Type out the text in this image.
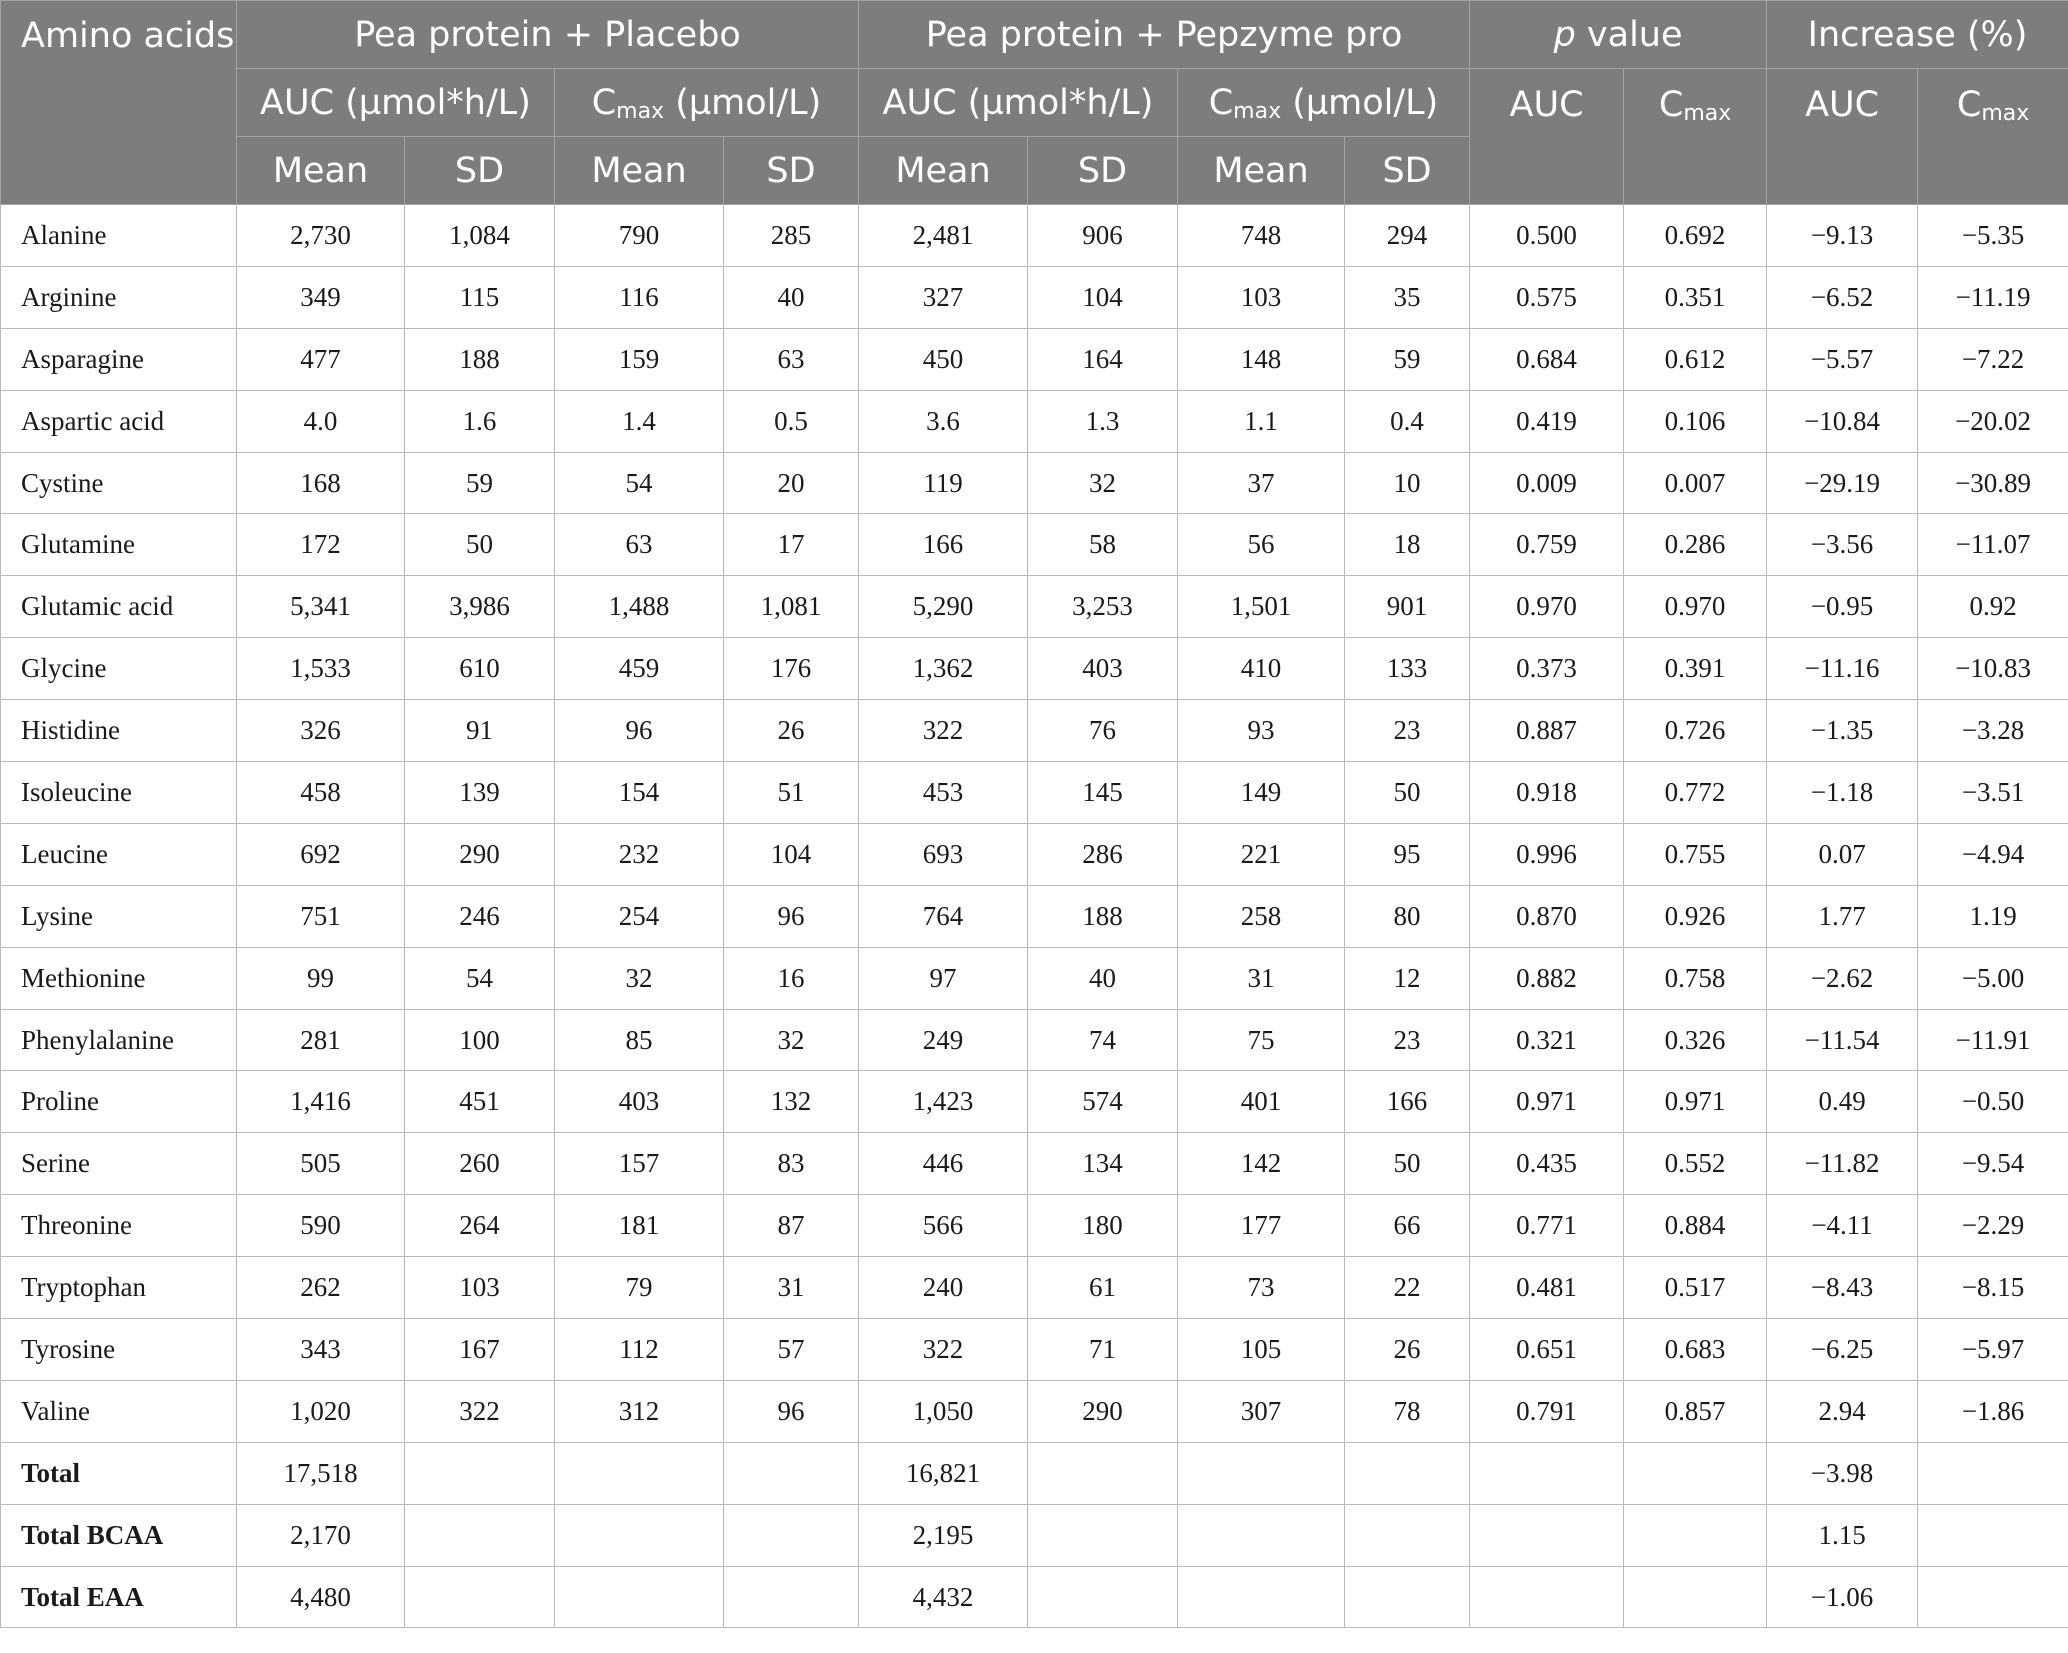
Amino acids	Pea protein + Placebo				Pea protein + Pepzyme pro				p value		Increase (%)	
	AUC (µmol*h/L)		$C_{max}$ (µmol/L)		AUC (µmol*h/L)		$C_{max}$ (µmol/L)		AUC	$C_{max}$	AUC	$C_{max}$
	Mean	SD	Mean	SD	Mean	SD	Mean	SD				
Alanine	2,730	1,084	790	285	2,481	906	748	294	0.500	0.692	−9.13	−5.35
Arginine	349	115	116	40	327	104	103	35	0.575	0.351	−6.52	−11.19
Asparagine	477	188	159	63	450	164	148	59	0.684	0.612	−5.57	−7.22
Aspartic acid	4.0	1.6	1.4	0.5	3.6	1.3	1.1	0.4	0.419	0.106	−10.84	−20.02
Cystine	168	59	54	20	119	32	37	10	0.009	0.007	−29.19	−30.89
Glutamine	172	50	63	17	166	58	56	18	0.759	0.286	−3.56	−11.07
Glutamic acid	5,341	3,986	1,488	1,081	5,290	3,253	1,501	901	0.970	0.970	−0.95	0.92
Glycine	1,533	610	459	176	1,362	403	410	133	0.373	0.391	−11.16	−10.83
Histidine	326	91	96	26	322	76	93	23	0.887	0.726	−1.35	−3.28
Isoleucine	458	139	154	51	453	145	149	50	0.918	0.772	−1.18	−3.51
Leucine	692	290	232	104	693	286	221	95	0.996	0.755	0.07	−4.94
Lysine	751	246	254	96	764	188	258	80	0.870	0.926	1.77	1.19
Methionine	99	54	32	16	97	40	31	12	0.882	0.758	−2.62	−5.00
Phenylalanine	281	100	85	32	249	74	75	23	0.321	0.326	−11.54	−11.91
Proline	1,416	451	403	132	1,423	574	401	166	0.971	0.971	0.49	−0.50
Serine	505	260	157	83	446	134	142	50	0.435	0.552	−11.82	−9.54
Threonine	590	264	181	87	566	180	177	66	0.771	0.884	−4.11	−2.29
Tryptophan	262	103	79	31	240	61	73	22	0.481	0.517	−8.43	−8.15
Tyrosine	343	167	112	57	322	71	105	26	0.651	0.683	−6.25	−5.97
Valine	1,020	322	312	96	1,050	290	307	78	0.791	0.857	2.94	−1.86
Total	17,518				16,821						−3.98	
Total BCAA	2,170				2,195						1.15	
Total EAA	4,480				4,432						−1.06	
